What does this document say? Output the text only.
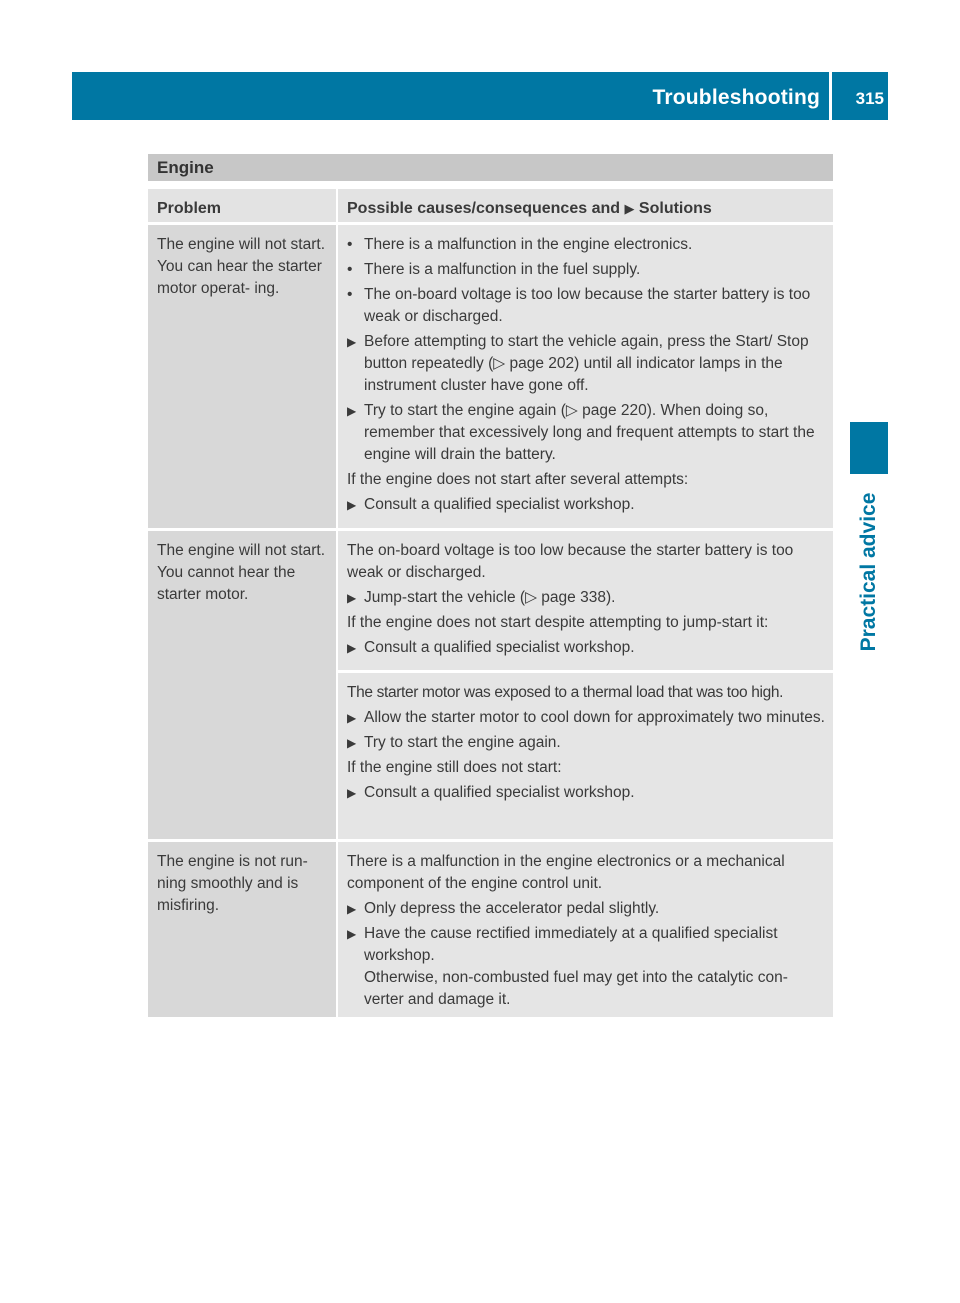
Troubleshooting 315
Practical advice
Engine
Problem	Possible causes/consequences and ▶ Solutions
The engine will not start. You can hear the starter motor operat- ing.
• There is a malfunction in the engine electronics.
• There is a malfunction in the fuel supply.
• The on-board voltage is too low because the starter battery is too weak or discharged.
▶ Before attempting to start the vehicle again, press the Start/ Stop button repeatedly (▷ page 202) until all indicator lamps in the instrument cluster have gone off.
▶ Try to start the engine again (▷ page 220). When doing so, remember that excessively long and frequent attempts to start the engine will drain the battery.
If the engine does not start after several attempts:
▶ Consult a qualified specialist workshop.
The engine will not start. You cannot hear the starter motor.
The on-board voltage is too low because the starter battery is too weak or discharged.
▶ Jump-start the vehicle (▷ page 338).
If the engine does not start despite attempting to jump-start it:
▶ Consult a qualified specialist workshop.
The starter motor was exposed to a thermal load that was too high.
▶ Allow the starter motor to cool down for approximately two minutes.
▶ Try to start the engine again.
If the engine still does not start:
▶ Consult a qualified specialist workshop.
The engine is not run- ning smoothly and is misfiring.
There is a malfunction in the engine electronics or a mechanical component of the engine control unit.
▶ Only depress the accelerator pedal slightly.
▶ Have the cause rectified immediately at a qualified specialist workshop.
Otherwise, non-combusted fuel may get into the catalytic con- verter and damage it.
